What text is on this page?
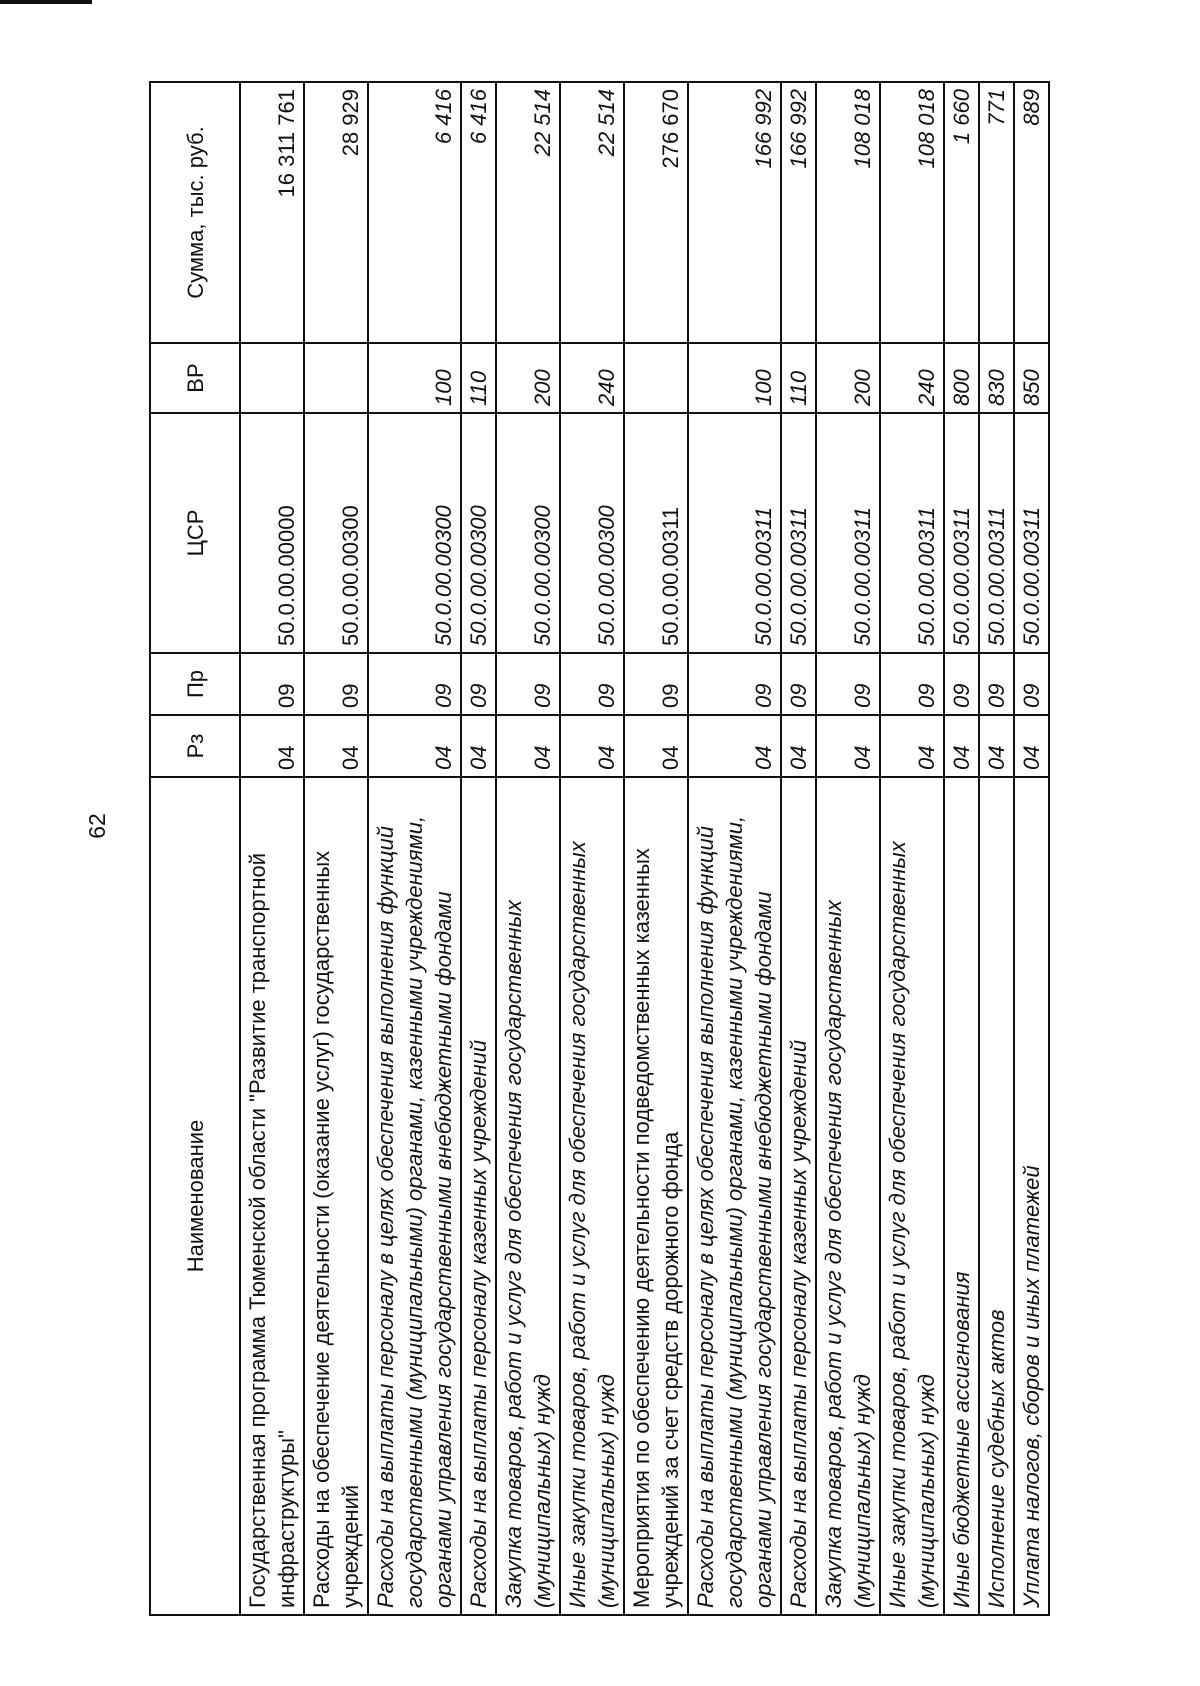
62
Наименование	Рз	Пр	ЦСР	ВР	Сумма, тыс. руб.
Государственная программа Тюменской области "Развитие транспортной инфраструктуры"	04	09	50.0.00.00000		16 311 761
Расходы на обеспечение деятельности (оказание услуг) государственных учреждений	04	09	50.0.00.00300		28 929
Расходы на выплаты персоналу в целях обеспечения выполнения функций государственными (муниципальными) органами, казенными учреждениями, органами управления государственными внебюджетными фондами	04	09	50.0.00.00300	100	6 416
Расходы на выплаты персоналу казенных учреждений	04	09	50.0.00.00300	110	6 416
Закупка товаров, работ и услуг для обеспечения государственных (муниципальных) нужд	04	09	50.0.00.00300	200	22 514
Иные закупки товаров, работ и услуг для обеспечения государственных (муниципальных) нужд	04	09	50.0.00.00300	240	22 514
Мероприятия по обеспечению деятельности подведомственных казенных учреждений за счет средств дорожного фонда	04	09	50.0.00.00311		276 670
Расходы на выплаты персоналу в целях обеспечения выполнения функций государственными (муниципальными) органами, казенными учреждениями, органами управления государственными внебюджетными фондами	04	09	50.0.00.00311	100	166 992
Расходы на выплаты персоналу казенных учреждений	04	09	50.0.00.00311	110	166 992
Закупка товаров, работ и услуг для обеспечения государственных (муниципальных) нужд	04	09	50.0.00.00311	200	108 018
Иные закупки товаров, работ и услуг для обеспечения государственных (муниципальных) нужд	04	09	50.0.00.00311	240	108 018
Иные бюджетные ассигнования	04	09	50.0.00.00311	800	1 660
Исполнение судебных актов	04	09	50.0.00.00311	830	771
Уплата налогов, сборов и иных платежей	04	09	50.0.00.00311	850	889
